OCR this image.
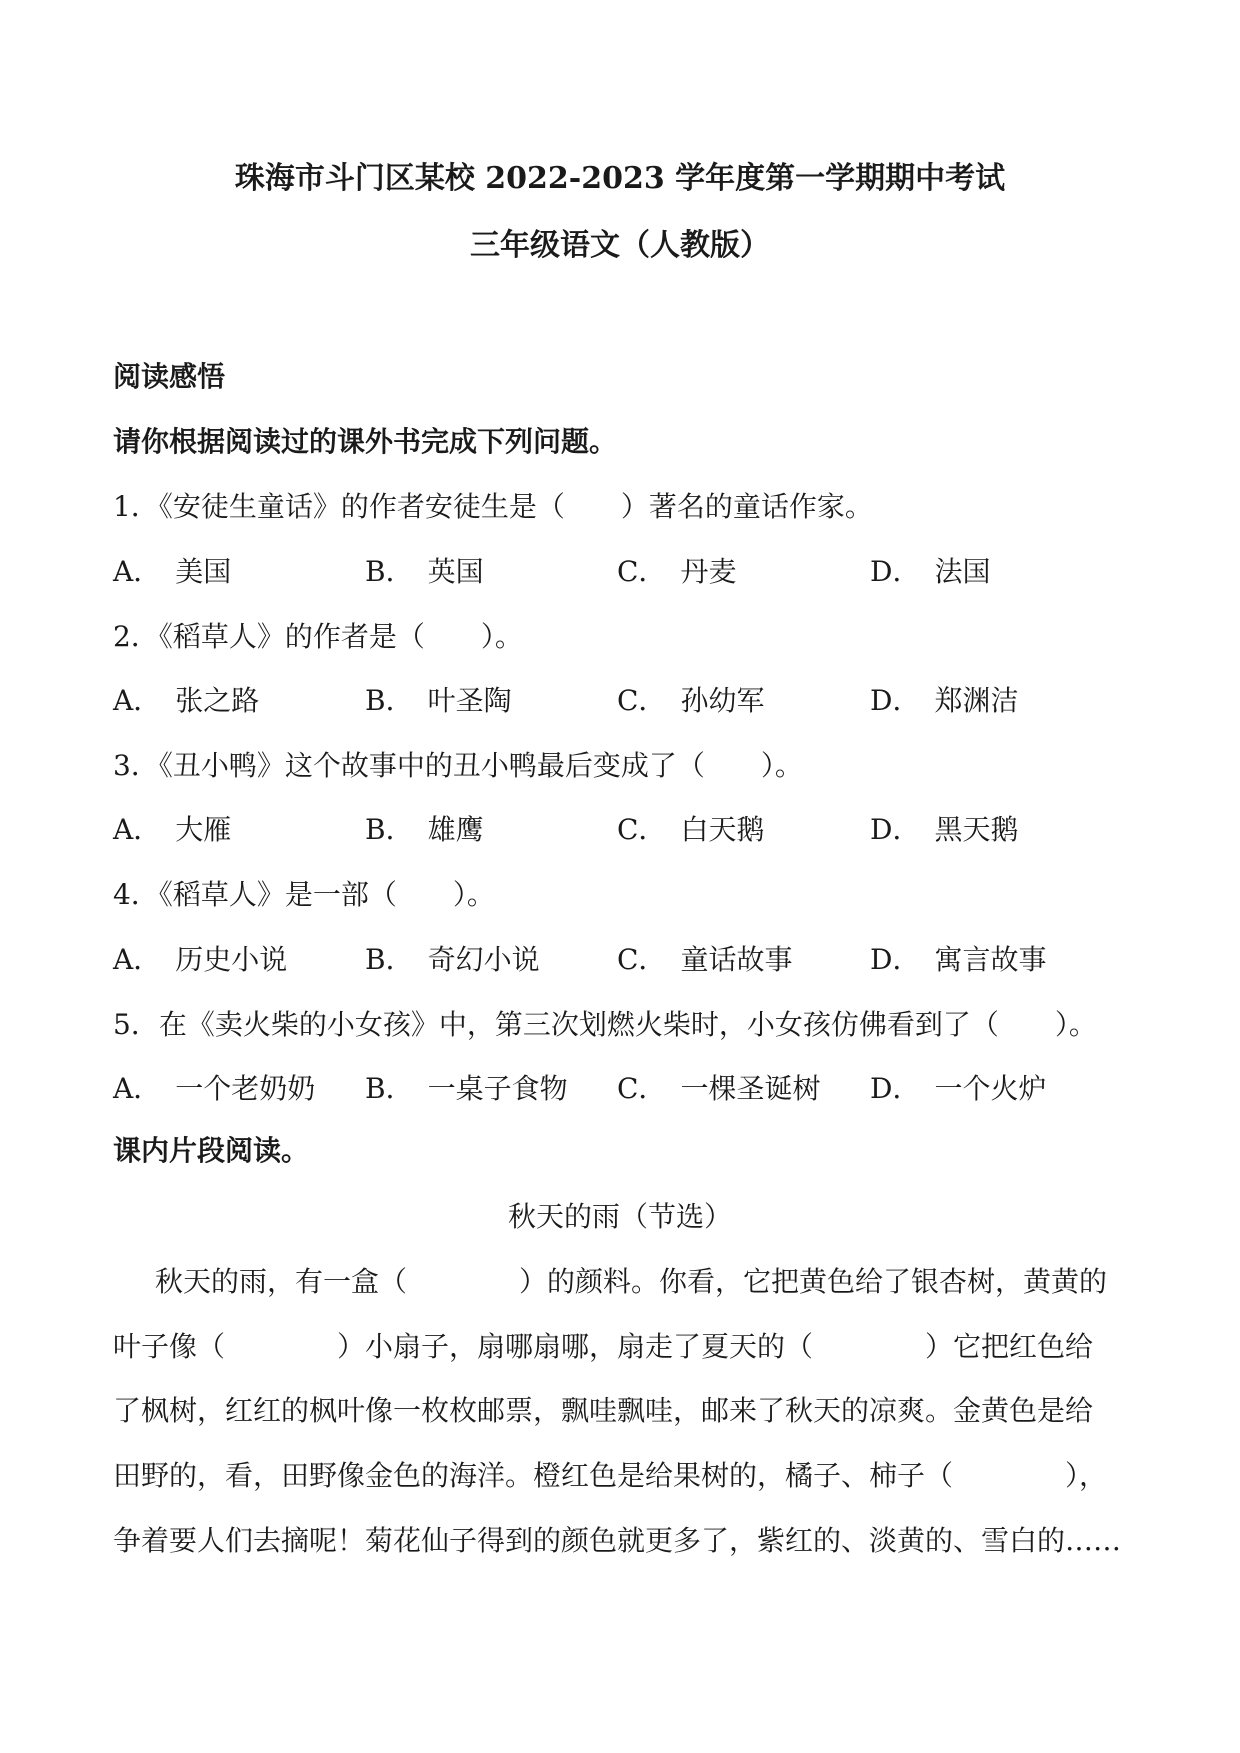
珠海市斗门区某校 2022-2023 学年度第一学期期中考试
三年级语文（人教版）
阅读感悟
请你根据阅读过的课外书完成下列问题。
1．《安徒生童话》的作者安徒生是（　　）著名的童话作家。
A． 美国	B． 英国	C． 丹麦	D． 法国
2．《稻草人》的作者是（　　）。
A． 张之路	B． 叶圣陶	C． 孙幼军	D． 郑渊洁
3．《丑小鸭》这个故事中的丑小鸭最后变成了（　　）。
A． 大雁	B． 雄鹰	C． 白天鹅	D． 黑天鹅
4．《稻草人》是一部（　　）。
A． 历史小说	B． 奇幻小说	C． 童话故事	D． 寓言故事
5．在《卖火柴的小女孩》中，第三次划燃火柴时，小女孩仿佛看到了（　　）。
A． 一个老奶奶 B． 一桌子食物 C． 一棵圣诞树 D． 一个火炉
课内片段阅读。
秋天的雨（节选）
秋天的雨，有一盒（　　　　）的颜料。你看，它把黄色给了银杏树，黄黄的
叶子像（　　　　）小扇子，扇哪扇哪，扇走了夏天的（　　　　）它把红色给
了枫树，红红的枫叶像一枚枚邮票，飘哇飘哇，邮来了秋天的凉爽。金黄色是给
田野的，看，田野像金色的海洋。橙红色是给果树的，橘子、柿子（　　　　），
争着要人们去摘呢！菊花仙子得到的颜色就更多了，紫红的、淡黄的、雪白的……
